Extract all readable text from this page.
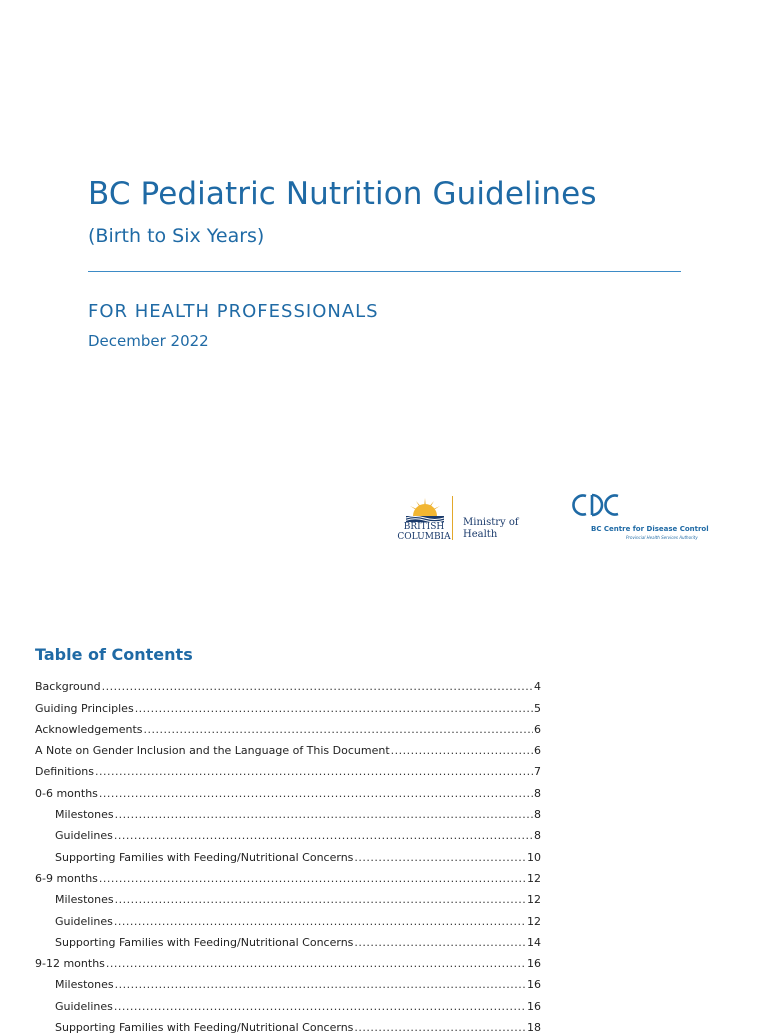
BC Pediatric Nutrition Guidelines
(Birth to Six Years)
FOR HEALTH PROFESSIONALS
December 2022
BRITISH
COLUMBIA
Ministry of
Health	BC Centre for Disease Control
Provincial Health Services Authority
Table of Contents
Background .....	4
Guiding Principles .....	5
Acknowledgements .....	6
A Note on Gender Inclusion and the Language of This Document .....	6
Definitions .....	7
0-6 months .....	8
Milestones .....	8
Guidelines .....	8
Supporting Families with Feeding/Nutritional Concerns .....	10
6-9 months .....	12
Milestones .....	12
Guidelines .....	12
Supporting Families with Feeding/Nutritional Concerns .....	14
9-12 months .....	16
Milestones .....	16
Guidelines .....	16
Supporting Families with Feeding/Nutritional Concerns .....	18
